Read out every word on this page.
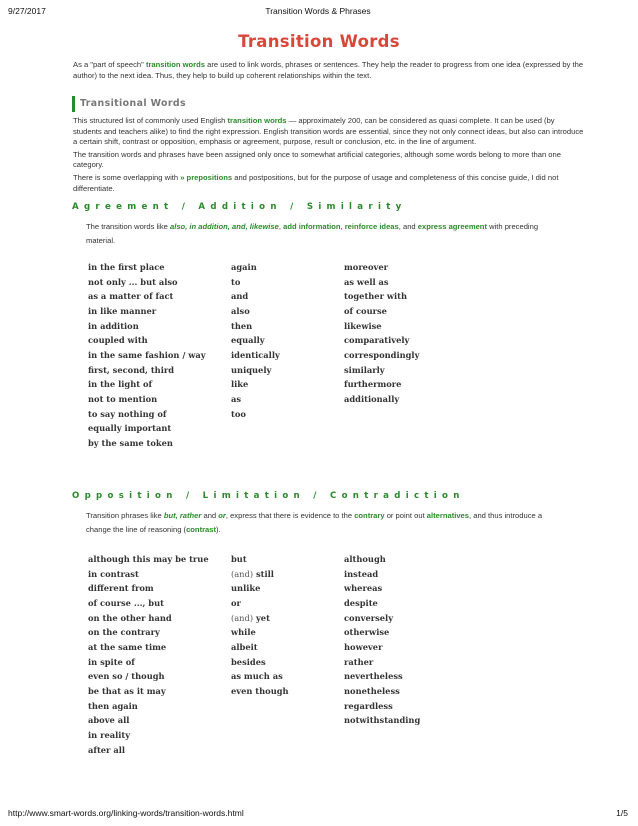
9/27/2017	Transition Words & Phrases
Transition Words
As a "part of speech" transition words are used to link words, phrases or sentences. They help the reader to progress from one idea (expressed by the author) to the next idea. Thus, they help to build up coherent relationships within the text.
Transitional Words

This structured list of commonly used English transition words — approximately 200, can be considered as quasi complete. It can be used (by students and teachers alike) to find the right expression. English transition words are essential, since they not only connect ideas, but also can introduce a certain shift, contrast or opposition, emphasis or agreement, purpose, result or conclusion, etc. in the line of argument.

The transition words and phrases have been assigned only once to somewhat artificial categories, although some words belong to more than one category.

There is some overlapping with » prepositions and postpositions, but for the purpose of usage and completeness of this concise guide, I did not differentiate.

Agreement / Addition / Similarity
The transition words like also, in addition, and, likewise, add information, reinforce ideas, and express agreement with preceding material.
in the first place
not only ... but also
as a matter of fact
in like manner
in addition
coupled with
in the same fashion / way
first, second, third
in the light of
not to mention
to say nothing of
equally important
by the same token
again
to
and
also
then
equally
identically
uniquely
like
as
too
moreover
as well as
together with
of course
likewise
comparatively
correspondingly
similarly
furthermore
additionally
Opposition / Limitation / Contradiction
Transition phrases like but, rather and or, express that there is evidence to the contrary or point out alternatives, and thus introduce a change the line of reasoning (contrast).
although this may be true
in contrast
different from
of course ..., but
on the other hand
on the contrary
at the same time
in spite of
even so / though
be that as it may
then again
above all
in reality
after all
but
(and) still
unlike
or
(and) yet
while
albeit
besides
as much as
even though
although
instead
whereas
despite
conversely
otherwise
however
rather
nevertheless
nonetheless
regardless
notwithstanding
http://www.smart-words.org/linking-words/transition-words.html	1/5
